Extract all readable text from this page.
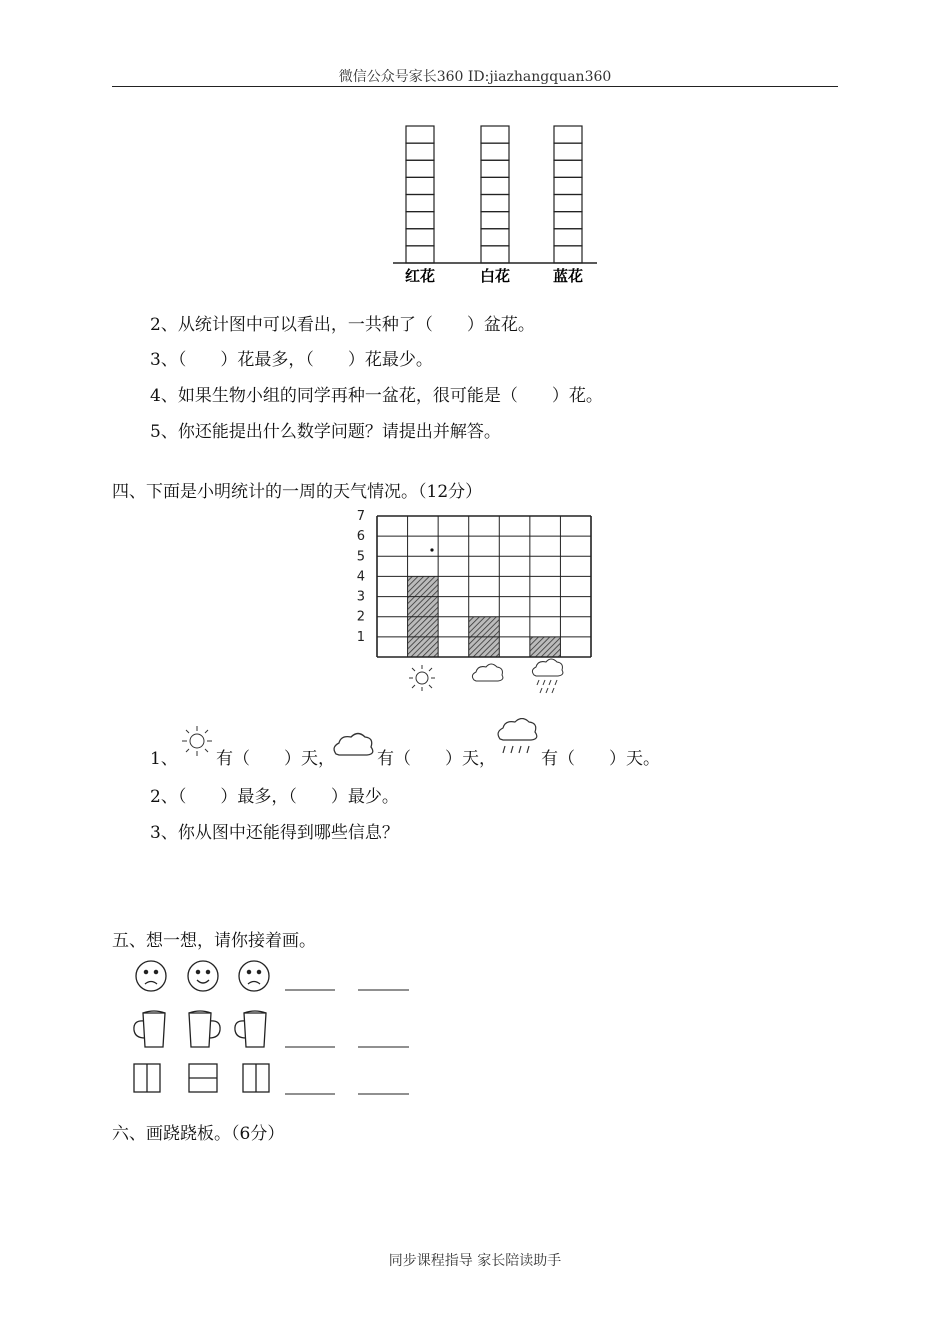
微信公众号家长360 ID:jiazhangquan360
红花	白花	蓝花
2、从统计图中可以看出，一共种了（　　）盆花。
3、（　　）花最多，（　　）花最少。
4、如果生物小组的同学再种一盆花，很可能是（　　）花。
5、你还能提出什么数学问题？请提出并解答。
四、下面是小明统计的一周的天气情况。（12分）
1
2
3
4
5
6
7
1、 有（　　）天， 有（　　）天，	有（　　）天。
2、（　　）最多，（　　）最少。
3、你从图中还能得到哪些信息？
五、想一想，请你接着画。
六、画跷跷板。（6分）
同步课程指导 家长陪读助手
